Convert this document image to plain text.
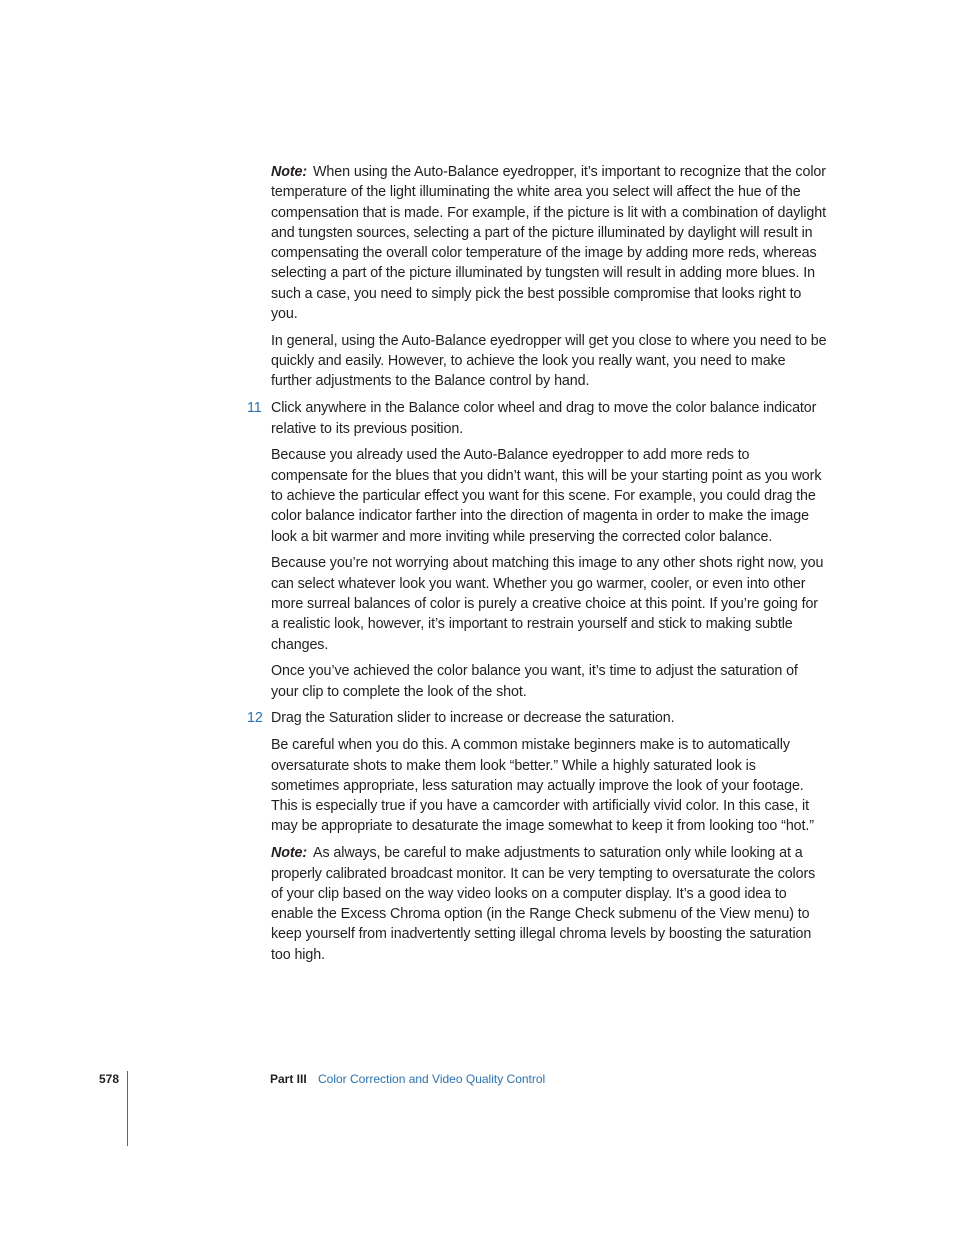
Note: When using the Auto-Balance eyedropper, it’s important to recognize that the color temperature of the light illuminating the white area you select will affect the hue of the compensation that is made. For example, if the picture is lit with a combination of daylight and tungsten sources, selecting a part of the picture illuminated by daylight will result in compensating the overall color temperature of the image by adding more reds, whereas selecting a part of the picture illuminated by tungsten will result in adding more blues. In such a case, you need to simply pick the best possible compromise that looks right to you.

In general, using the Auto-Balance eyedropper will get you close to where you need to be quickly and easily. However, to achieve the look you really want, you need to make further adjustments to the Balance control by hand.

11 Click anywhere in the Balance color wheel and drag to move the color balance indicator relative to its previous position.

Because you already used the Auto-Balance eyedropper to add more reds to compensate for the blues that you didn’t want, this will be your starting point as you work to achieve the particular effect you want for this scene. For example, you could drag the color balance indicator farther into the direction of magenta in order to make the image look a bit warmer and more inviting while preserving the corrected color balance.

Because you’re not worrying about matching this image to any other shots right now, you can select whatever look you want. Whether you go warmer, cooler, or even into other more surreal balances of color is purely a creative choice at this point. If you’re going for a realistic look, however, it’s important to restrain yourself and stick to making subtle changes.

Once you’ve achieved the color balance you want, it’s time to adjust the saturation of your clip to complete the look of the shot.

12 Drag the Saturation slider to increase or decrease the saturation.

Be careful when you do this. A common mistake beginners make is to automatically oversaturate shots to make them look “better.” While a highly saturated look is sometimes appropriate, less saturation may actually improve the look of your footage. This is especially true if you have a camcorder with artificially vivid color. In this case, it may be appropriate to desaturate the image somewhat to keep it from looking too “hot.”

Note: As always, be careful to make adjustments to saturation only while looking at a properly calibrated broadcast monitor. It can be very tempting to oversaturate the colors of your clip based on the way video looks on a computer display. It’s a good idea to enable the Excess Chroma option (in the Range Check submenu of the View menu) to keep yourself from inadvertently setting illegal chroma levels by boosting the saturation too high.

578	Part III Color Correction and Video Quality Control
